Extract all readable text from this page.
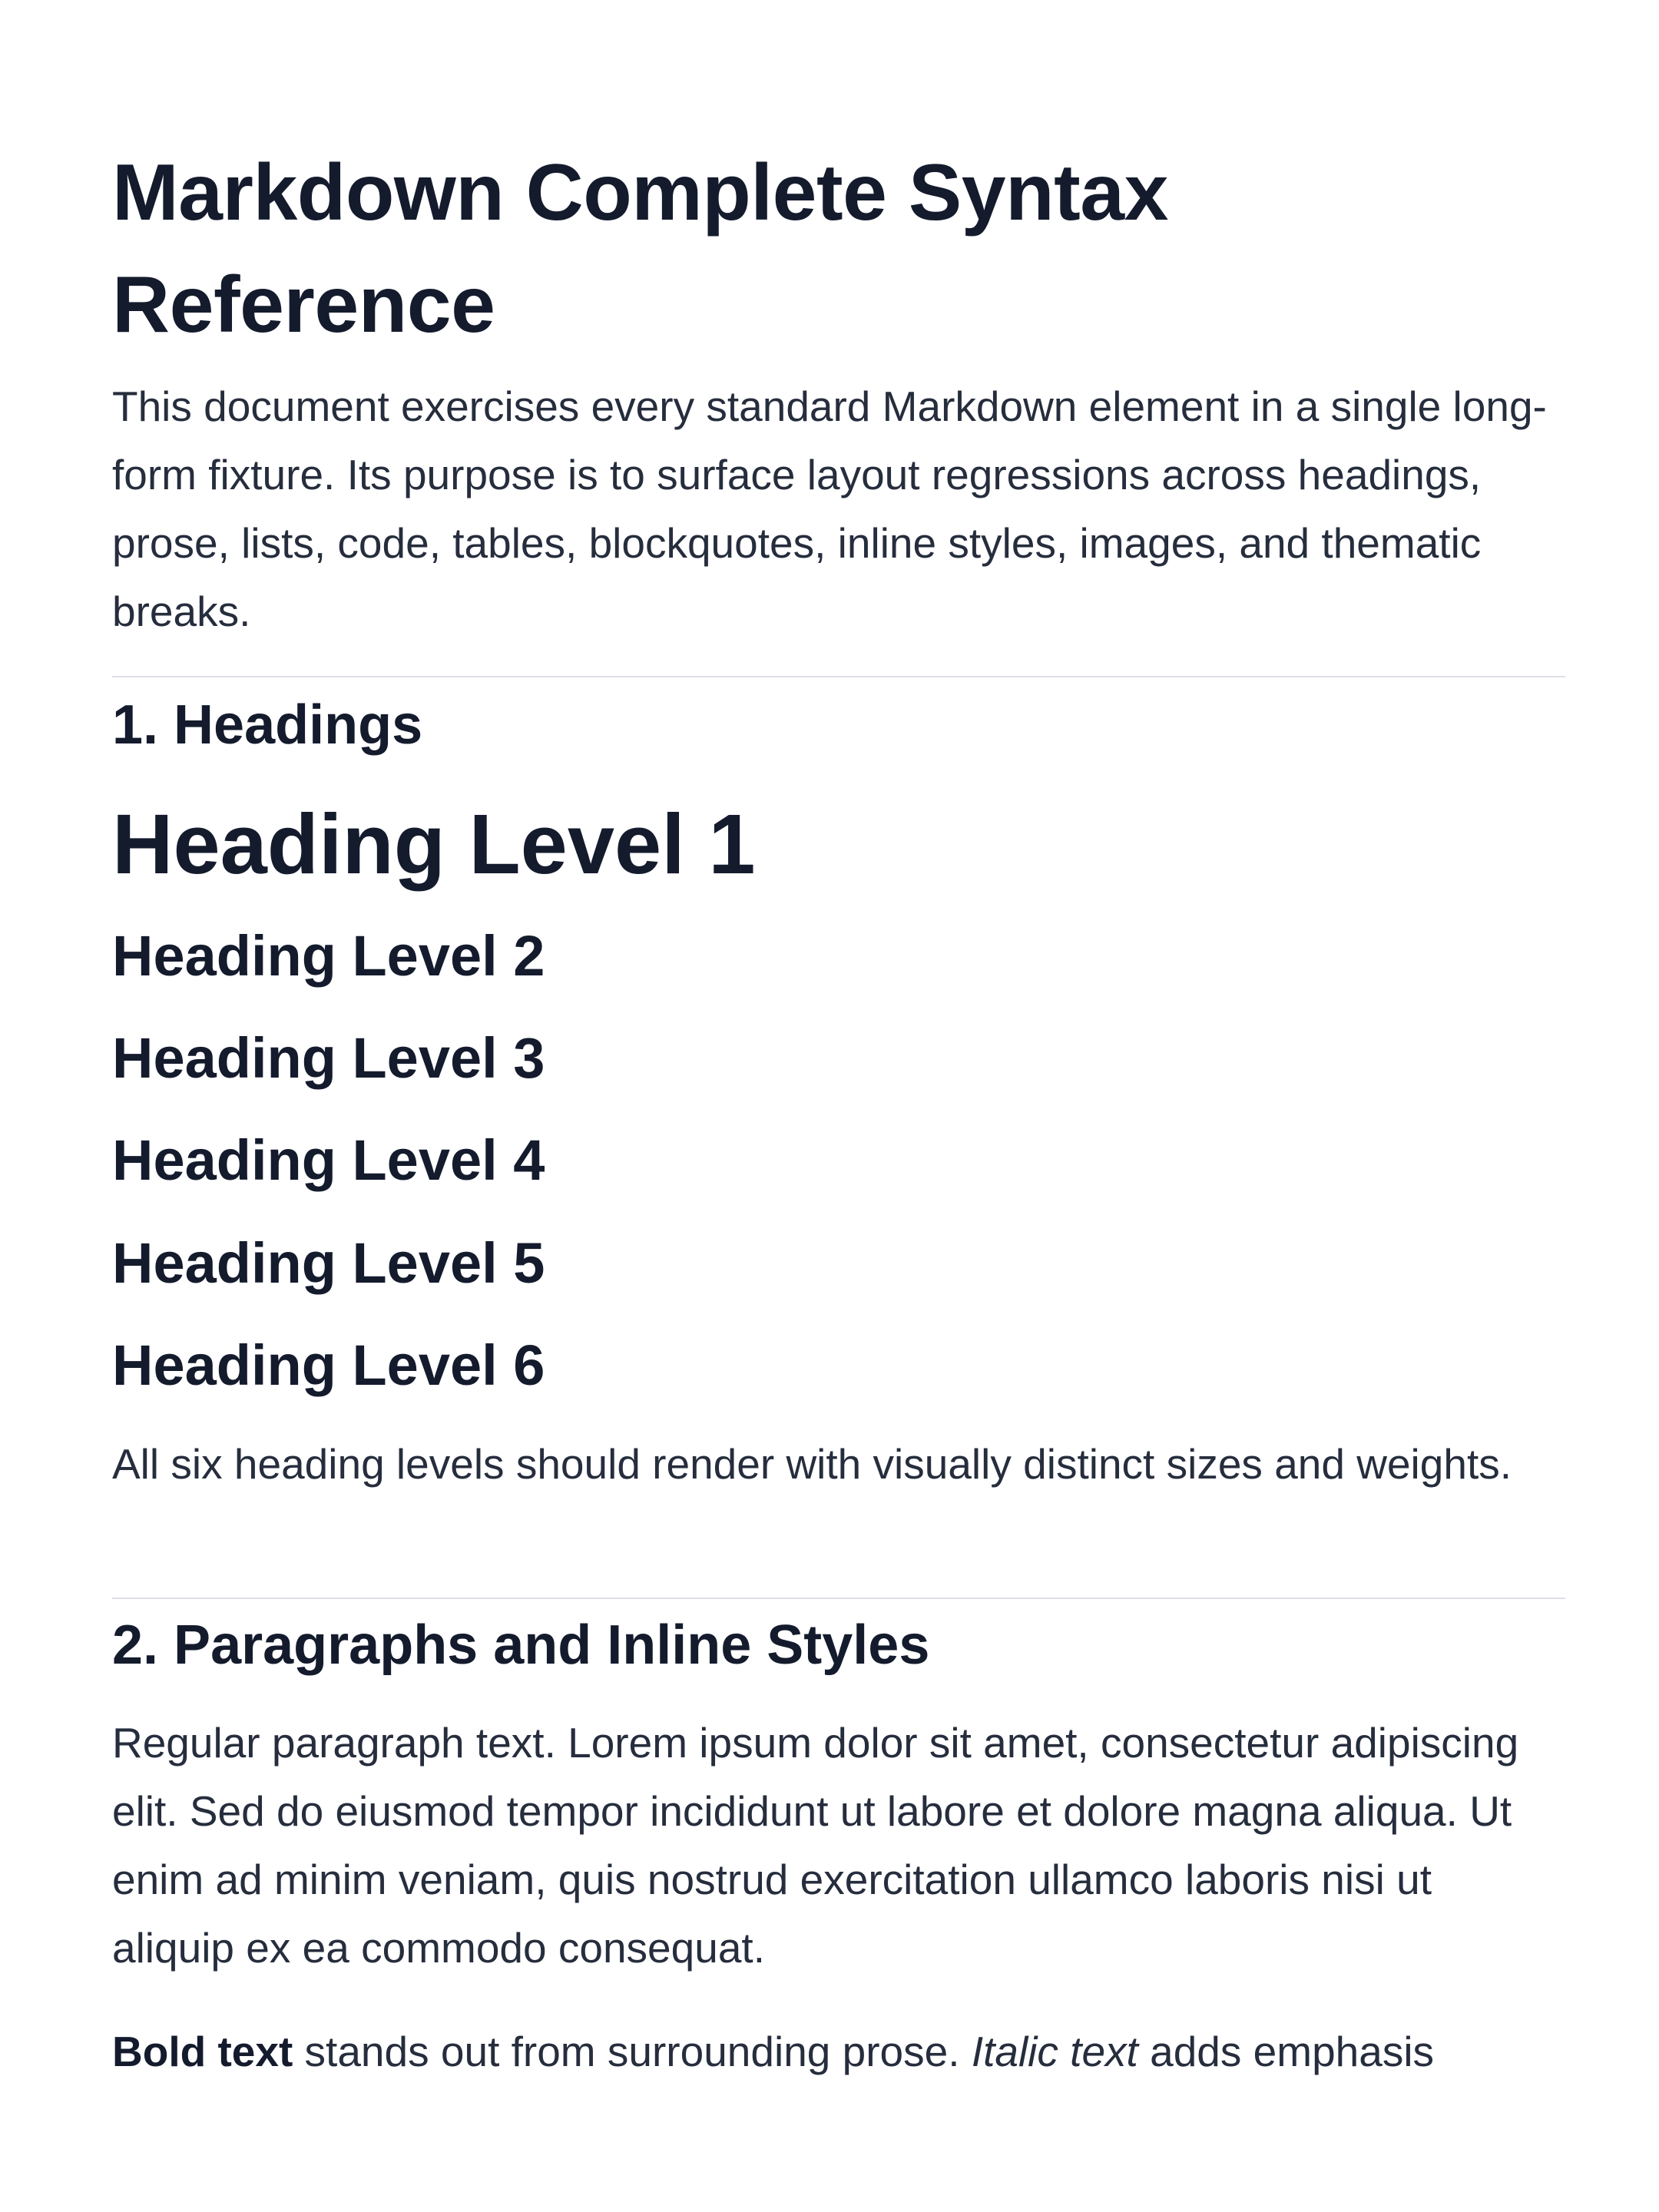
Markdown Complete Syntax Reference

This document exercises every standard Markdown element in a single long-form fixture. Its purpose is to surface layout regressions across headings, prose, lists, code, tables, blockquotes, inline styles, images, and thematic breaks.

1. Headings
Heading Level 1
Heading Level 2
Heading Level 3
Heading Level 4
Heading Level 5
Heading Level 6

All six heading levels should render with visually distinct sizes and weights.

2. Paragraphs and Inline Styles

Regular paragraph text. Lorem ipsum dolor sit amet, consectetur adipiscing elit. Sed do eiusmod tempor incididunt ut labore et dolore magna aliqua. Ut enim ad minim veniam, quis nostrud exercitation ullamco laboris nisi ut aliquip ex ea commodo consequat.

Bold text stands out from surrounding prose. Italic text adds emphasis
